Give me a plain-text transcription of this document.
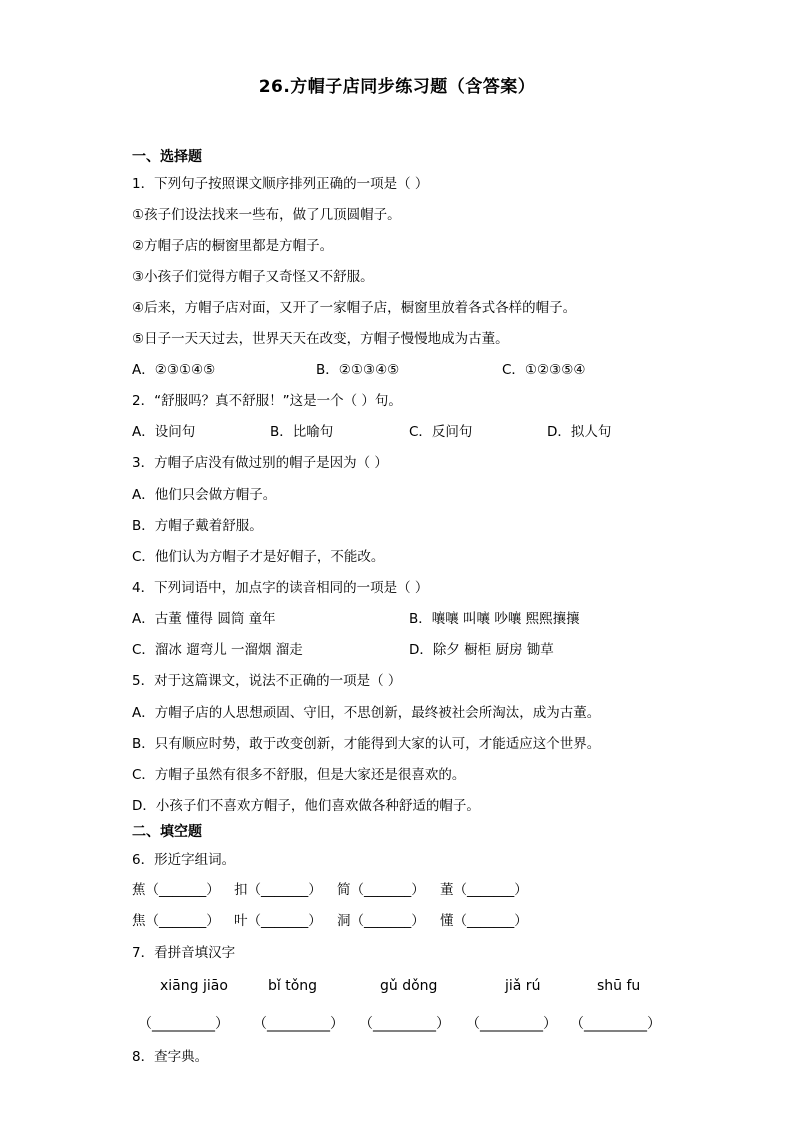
26.方帽子店同步练习题（含答案）
一、选择题
1．下列句子按照课文顺序排列正确的一项是（ ）
①孩子们设法找来一些布，做了几顶圆帽子。
②方帽子店的橱窗里都是方帽子。
③小孩子们觉得方帽子又奇怪又不舒服。
④后来，方帽子店对面，又开了一家帽子店，橱窗里放着各式各样的帽子。
⑤日子一天天过去，世界天天在改变，方帽子慢慢地成为古董。
A．②③①④⑤	B．②①③④⑤	C．①②③⑤④
2．“舒服吗？真不舒服！”这是一个（ ）句。
A．设问句	B．比喻句	C．反问句	D．拟人句
3．方帽子店没有做过别的帽子是因为（ ）
A．他们只会做方帽子。
B．方帽子戴着舒服。
C．他们认为方帽子才是好帽子，不能改。
4．下列词语中，加点字的读音相同的一项是（ ）
A．古董 懂得 圆筒 童年	B．嚷嚷 叫嚷 吵嚷 熙熙攘攘
C．溜冰 遛弯儿 一溜烟 溜走	D．除夕 橱柜 厨房 锄草
5．对于这篇课文，说法不正确的一项是（ ）
A．方帽子店的人思想顽固、守旧，不思创新，最终被社会所淘汰，成为古董。
B．只有顺应时势，敢于改变创新，才能得到大家的认可，才能适应这个世界。
C．方帽子虽然有很多不舒服，但是大家还是很喜欢的。
D．小孩子们不喜欢方帽子，他们喜欢做各种舒适的帽子。
二、填空题
6．形近字组词。
蕉（_______） 扣（_______） 简（_______） 董（_______）
焦（_______） 叶（_______） 洞（_______） 懂（_______）
7．看拼音填汉字
xiāng jiāo	bǐ tǒng	gǔ dǒng	jiǎ rú	shū fu
（_________） （_________） （_________） （_________） （_________）
8．查字典。
